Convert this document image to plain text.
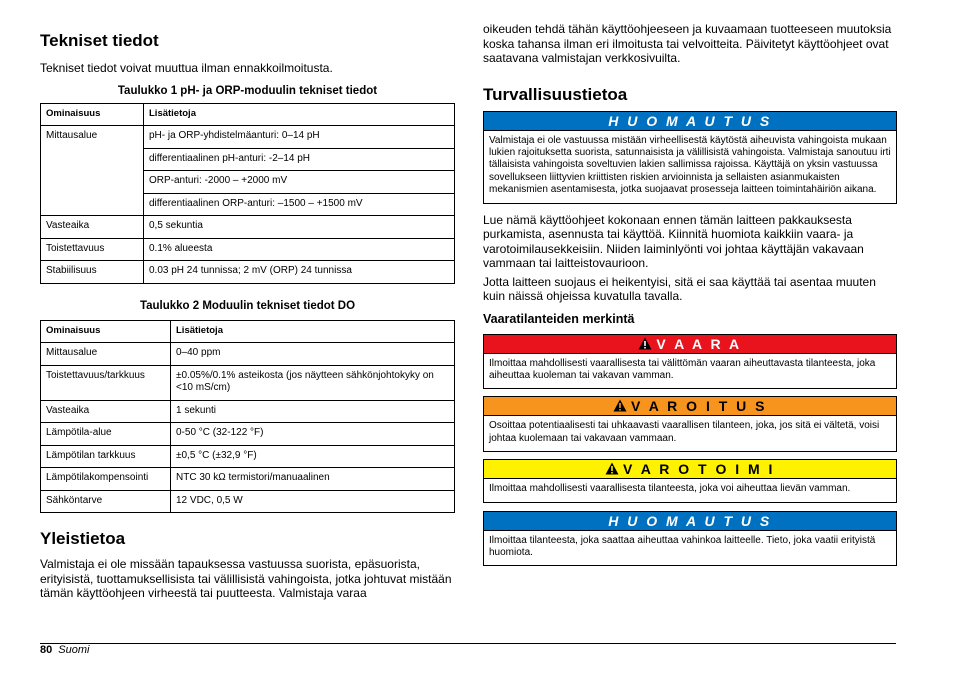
Tekniset tiedot

Tekniset tiedot voivat muuttua ilman ennakkoilmoitusta.

Taulukko 1 pH- ja ORP-moduulin tekniset tiedot
Ominaisuus	Lisätietoja
Mittausalue	pH- ja ORP-yhdistelmäanturi: 0–14 pH
	differentiaalinen pH-anturi: -2–14 pH
	ORP-anturi: -2000 – +2000 mV
	differentiaalinen ORP-anturi: –1500 – +1500 mV
Vasteaika	0,5 sekuntia
Toistettavuus	0.1% alueesta
Stabiilisuus	0.03 pH 24 tunnissa; 2 mV (ORP) 24 tunnissa
Taulukko 2 Moduulin tekniset tiedot DO
Ominaisuus	Lisätietoja
Mittausalue	0–40 ppm
Toistettavuus/tarkkuus	±0.05%/0.1% asteikosta (jos näytteen sähkönjohtokyky on <10 mS/cm)
Vasteaika	1 sekunti
Lämpötila-alue	0-50 °C (32-122 °F)
Lämpötilan tarkkuus	±0,5 °C (±32,9 °F)
Lämpötilakompensointi	NTC 30 kΩ termistori/manuaalinen
Sähköntarve	12 VDC, 0,5 W
Yleistietoa

Valmistaja ei ole missään tapauksessa vastuussa suorista, epäsuorista, erityisistä, tuottamuksellisista tai välillisistä vahingoista, jotka johtuvat mistään tämän käyttöohjeen virheestä tai puutteesta. Valmistaja varaa

oikeuden tehdä tähän käyttöohjeeseen ja kuvaamaan tuotteeseen muutoksia koska tahansa ilman eri ilmoitusta tai velvoitteita. Päivitetyt käyttöohjeet ovat saatavana valmistajan verkkosivuilta.

Turvallisuustietoa
H U O M A U T U S
Valmistaja ei ole vastuussa mistään virheellisestä käytöstä aiheuvista vahingoista mukaan lukien rajoituksetta suorista, satunnaisista ja välillisistä vahingoista. Valmistaja sanoutuu irti tällaisista vahingoista soveltuvien lakien sallimissa rajoissa. Käyttäjä on yksin vastuussa sovellukseen liittyvien kriittisten riskien arvioinnista ja sellaisten asianmukaisten mekanismien asentamisesta, jotka suojaavat prosesseja laitteen toimintahäiriön aikana.

Lue nämä käyttöohjeet kokonaan ennen tämän laitteen pakkauksesta purkamista, asennusta tai käyttöä. Kiinnitä huomiota kaikkiin vaara- ja varotoimilausekkeisiin. Niiden laiminlyönti voi johtaa käyttäjän vakavaan vammaan tai laitteistovaurioon.

Jotta laitteen suojaus ei heikentyisi, sitä ei saa käyttää tai asentaa muuten kuin näissä ohjeissa kuvatulla tavalla.

Vaaratilanteiden merkintä
V A A R A
Ilmoittaa mahdollisesti vaarallisesta tai välittömän vaaran aiheuttavasta tilanteesta, joka aiheuttaa kuoleman tai vakavan vamman.
V A R O I T U S
Osoittaa potentiaalisesti tai uhkaavasti vaarallisen tilanteen, joka, jos sitä ei vältetä, voisi johtaa kuolemaan tai vakavaan vammaan.
V A R O T O I M I
Ilmoittaa mahdollisesti vaarallisesta tilanteesta, joka voi aiheuttaa lievän vamman.
H U O M A U T U S
Ilmoittaa tilanteesta, joka saattaa aiheuttaa vahinkoa laitteelle. Tieto, joka vaatii erityistä huomiota.
80 Suomi
